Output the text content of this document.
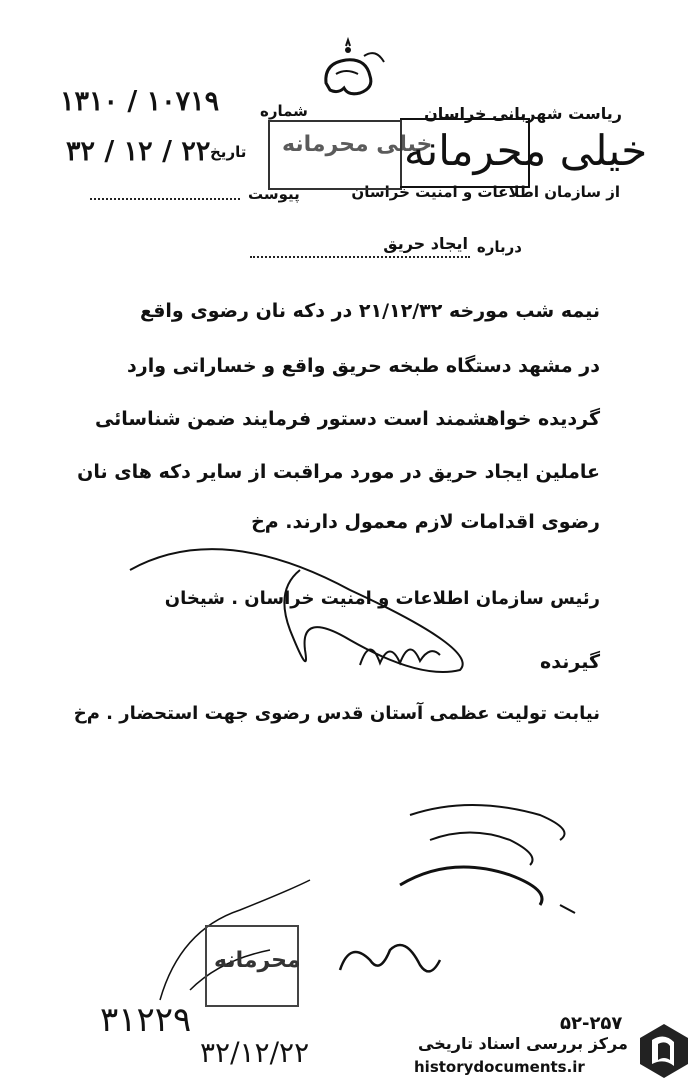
ریاست شهربانی خراسان
از سازمان اطلاعات و امنیت خراسان
شماره
۱۳۱۰ / ۱۰۷۱۹
تاریخ
۳۲ / ۱۲ / ۲۲
پیوست
خیلی محرمانه
خیلی محرمانه
درباره
ایجاد حریق
نیمه شب مورخه ۲۱/۱۲/۳۲ در دکه نان رضوی واقع
در مشهد دستگاه طبخه حریق واقع و خساراتی وارد
گردیده خواهشمند است دستور فرمایند ضمن شناسائی
عاملین ایجاد حریق در مورد مراقبت از سایر دکه های نان
رضوی اقدامات لازم معمول دارند. م‌خ
رئیس سازمان اطلاعات و امنیت خراسان . شیخان
گیرنده
نیابت تولیت عظمی آستان قدس رضوی جهت استحضار . م‌خ
محرمانه
۳۱۲۲۹
۳۲/۱۲/۲۲
۵۲-۲۵۷
مرکز بررسی اسناد تاریخی
historydocuments.ir
